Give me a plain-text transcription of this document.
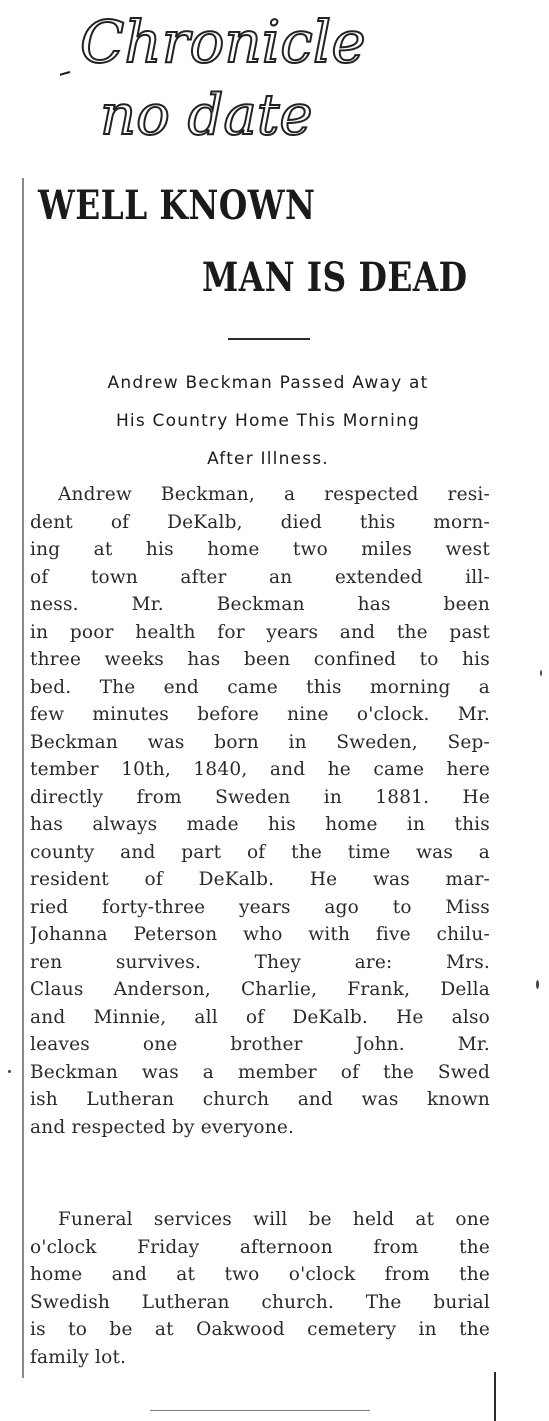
Chronicle
no date
WELL KNOWN
MAN IS DEAD
Andrew Beckman Passed Away at
His Country Home This Morning
After Illness.
Andrew Beckman, a respected resi-
dent of DeKalb, died this morn-
ing at his home two miles west
of town after an extended ill-
ness. Mr. Beckman has been
in poor health for years and the past
three weeks has been confined to his
bed. The end came this morning a
few minutes before nine o'clock. Mr.
Beckman was born in Sweden, Sep-
tember 10th, 1840, and he came here
directly from Sweden in 1881. He
has always made his home in this
county and part of the time was a
resident of DeKalb. He was mar-
ried forty-three years ago to Miss
Johanna Peterson who with five chilu-
ren survives. They are: Mrs.
Claus Anderson, Charlie, Frank, Della
and Minnie, all of DeKalb. He also
leaves one brother John. Mr.
Beckman was a member of the Swed
ish Lutheran church and was known
and respected by everyone.
Funeral services will be held at one
o'clock Friday afternoon from the
home and at two o'clock from the
Swedish Lutheran church. The burial
is to be at Oakwood cemetery in the
family lot.
